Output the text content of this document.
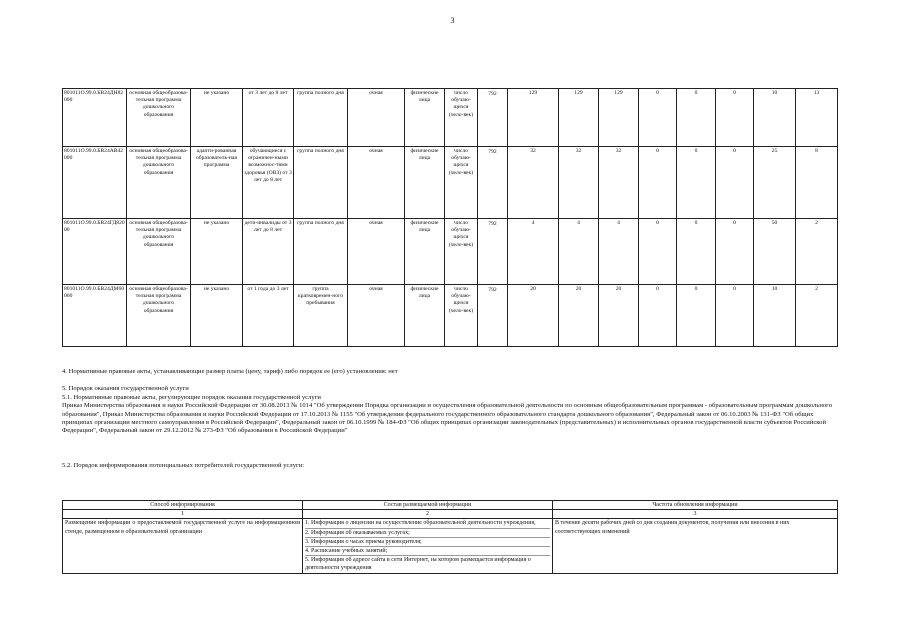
3
801011О.99.0.БВ24ДН82000	основная общеобразова-тельная программа дошкольного образования	не указано	от 3 лет до 8 лет	группа полного дня	очная	физические лица	число обучаю-щихся (чело-век)	792	129	129	129	0	0	0	10	13
801011О.99.0.БВ24АВ42000	основная общеобразова-тельная программа дошкольного образования	адапти-рованная образователь-ная программа	обучающиеся с ограничен-ными возможнос-тями здоровья (ОВЗ) от 3 лет до 8 лет	группа полного дня	очная	физические лица	число обучаю-щихся (чело-век)	792	32	32	32	0	0	0	25	8
801011О.99.0.БВ24ГД82000	основная общеобразова-тельная программа дошкольного образования	не указано	дети-инвалиды от 3 лет до 8 лет	группа полного дня	очная	физические лица	число обучаю-щихся (чело-век)	792	4	4	4	0	0	0	50	2
801011О.99.0.БВ24ДМ60000	основная общеобразова-тельная программа дошкольного образования	не указано	от 1 года до 3 лет	группа кратковремен-ного пребывания	очная	физические лица	число обучаю-щихся (чело-век)	792	20	20	20	0	0	0	10	2

4. Нормативные правовые акты, устанавливающие размер платы (цену, тариф) либо порядок ее (его) установления: нет

5. Порядок оказания государственной услуги

5.1. Нормативные правовые акты, регулирующие порядок оказания государственной услуги

Приказ Министерства образования и науки Российской Федерации от 30.08.2013 № 1014 "Об утверждении Порядка организации и осуществления образовательной деятельности по основным общеобразовательным программам - образовательным программам дошкольного образования", Приказ Министерства образования и науки Российской Федерации от 17.10.2013 № 1155 "Об утверждении федерального государственного образовательного стандарта дошкольного образования", Федеральный закон от 06.10.2003 № 131-ФЗ "Об общих принципах организации местного самоуправления в Российской Федерации", Федеральный закон от 06.10.1999 № 184-ФЗ "Об общих принципах организации законодательных (представительных) и исполнительных органов государственной власти субъектов Российской Федерации", Федеральный закон от 29.12.2012 № 273-ФЗ "Об образовании в Российской Федерации"

5.2. Порядок информирования потенциальных потребителей государственной услуги:

Способ информирования	Состав размещаемой информации	Частота обновления информации
1	2	3
Размещение информации о предоставляемой государственной услуге на информационном стенде, размещенном в образовательной организации	1. Информация о лицензии на осуществление образовательной деятельности учреждения,
2. Информация об оказываемых услугах;
3. Информация о часах приема руководителя;
4. Расписание учебных занятий;
5. Информация об адресе сайта в сети Интернет, на котором размещается информация о деятельности учреждения	В течение десяти рабочих дней со дня создания документов, получения или внесения в них соответствующих изменений
